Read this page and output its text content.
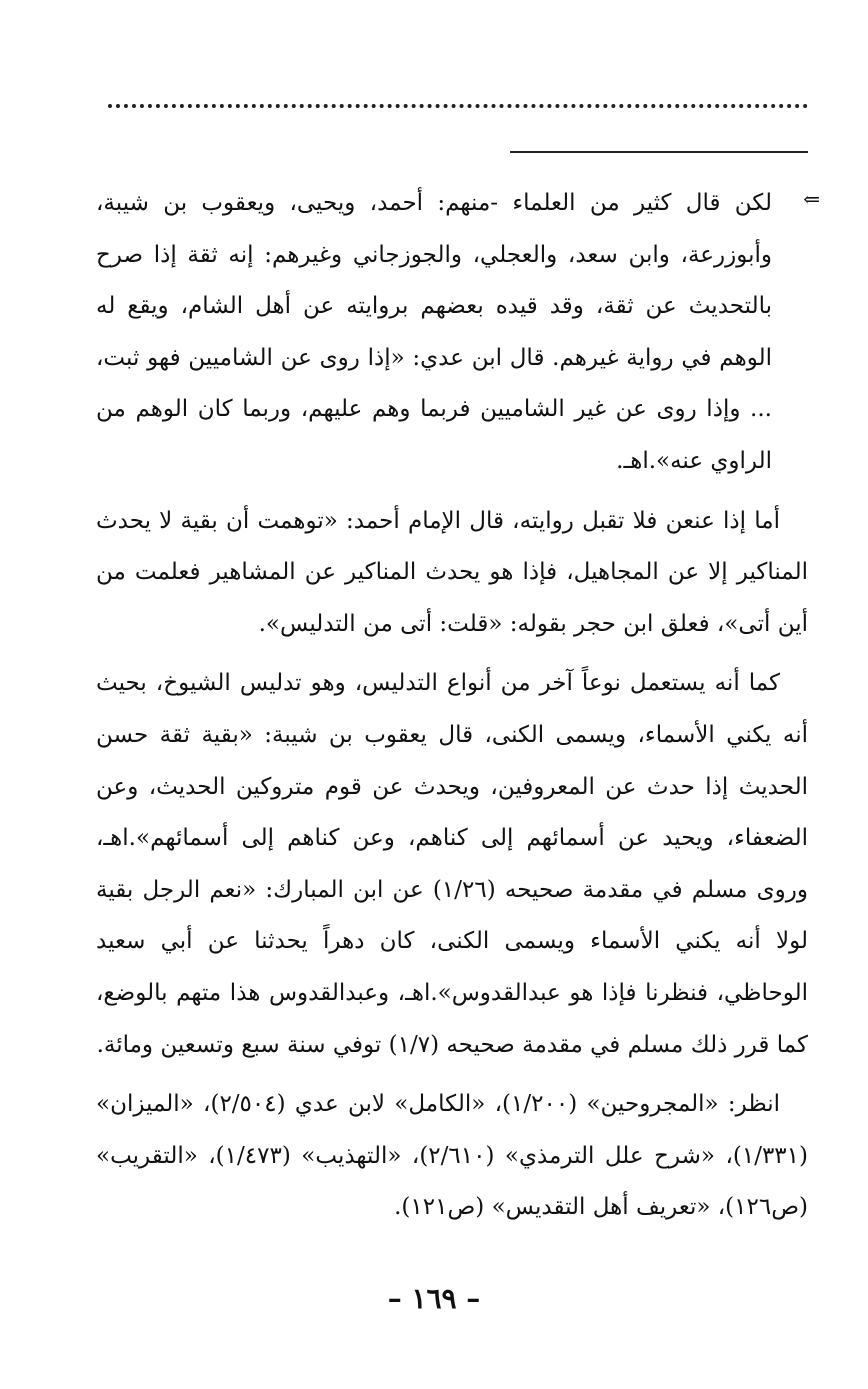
⇐
لكن قال كثير من العلماء -منهم: أحمد، ويحيى، ويعقوب بن شيبة، وأبوزرعة، وابن سعد، والعجلي، والجوزجاني وغيرهم: إنه ثقة إذا صرح بالتحديث عن ثقة، وقد قيده بعضهم بروايته عن أهل الشام، ويقع له الوهم في رواية غيرهم. قال ابن عدي: «إذا روى عن الشاميين فهو ثبت، ... وإذا روى عن غير الشاميين فربما وهم عليهم، وربما كان الوهم من الراوي عنه».اهـ.

أما إذا عنعن فلا تقبل روايته، قال الإمام أحمد: «توهمت أن بقية لا يحدث المناكير إلا عن المجاهيل، فإذا هو يحدث المناكير عن المشاهير فعلمت من أين أتى»، فعلق ابن حجر بقوله: «قلت: أتى من التدليس».

كما أنه يستعمل نوعاً آخر من أنواع التدليس، وهو تدليس الشيوخ، بحيث أنه يكني الأسماء، ويسمى الكنى، قال يعقوب بن شيبة: «بقية ثقة حسن الحديث إذا حدث عن المعروفين، ويحدث عن قوم متروكين الحديث، وعن الضعفاء، ويحيد عن أسمائهم إلى كناهم، وعن كناهم إلى أسمائهم».اهـ، وروى مسلم في مقدمة صحيحه (١/٢٦) عن ابن المبارك: «نعم الرجل بقية لولا أنه يكني الأسماء ويسمى الكنى، كان دهراً يحدثنا عن أبي سعيد الوحاظي، فنظرنا فإذا هو عبدالقدوس».اهـ، وعبدالقدوس هذا متهم بالوضع، كما قرر ذلك مسلم في مقدمة صحيحه (١/٧) توفي سنة سبع وتسعين ومائة.

انظر: «المجروحين» (١/٢٠٠)، «الكامل» لابن عدي (٢/٥٠٤)، «الميزان» (١/٣٣١)، «شرح علل الترمذي» (٢/٦١٠)، «التهذيب» (١/٤٧٣)، «التقريب» (ص١٢٦)، «تعريف أهل التقديس» (ص١٢١).

– ١٦٩ –
